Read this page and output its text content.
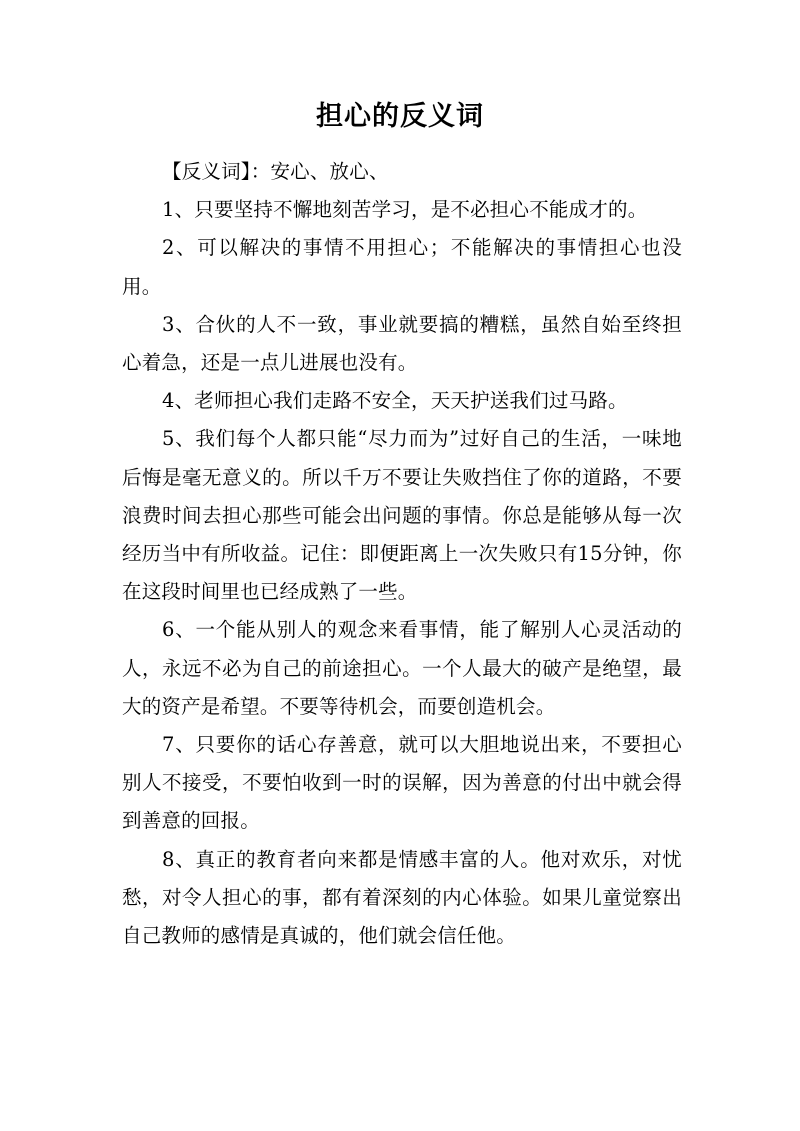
担心的反义词

【反义词】：安心、放心、

1、只要坚持不懈地刻苦学习，是不必担心不能成才的。

2、可以解决的事情不用担心；不能解决的事情担心也没用。

3、合伙的人不一致，事业就要搞的糟糕，虽然自始至终担心着急，还是一点儿进展也没有。

4、老师担心我们走路不安全，天天护送我们过马路。

5、我们每个人都只能“尽力而为”过好自己的生活，一味地后悔是毫无意义的。所以千万不要让失败挡住了你的道路，不要浪费时间去担心那些可能会出问题的事情。你总是能够从每一次经历当中有所收益。记住：即便距离上一次失败只有15分钟，你在这段时间里也已经成熟了一些。

6、一个能从别人的观念来看事情，能了解别人心灵活动的人，永远不必为自己的前途担心。一个人最大的破产是绝望，最大的资产是希望。不要等待机会，而要创造机会。

7、只要你的话心存善意，就可以大胆地说出来，不要担心别人不接受，不要怕收到一时的误解，因为善意的付出中就会得到善意的回报。

8、真正的教育者向来都是情感丰富的人。他对欢乐，对忧愁，对令人担心的事，都有着深刻的内心体验。如果儿童觉察出自己教师的感情是真诚的，他们就会信任他。
